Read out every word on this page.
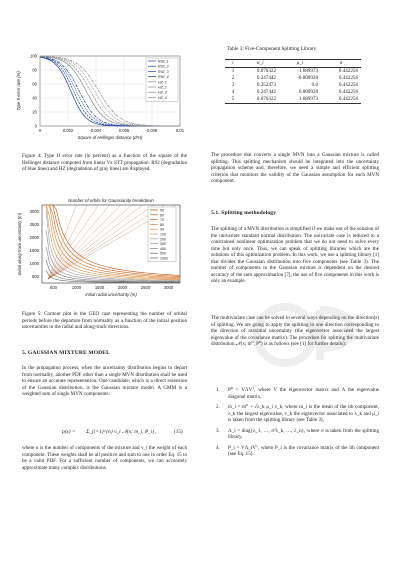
0
20
40
60
80
100
0	0.002	0.004	0.006	0.008	0.01
Square of Hellinger distance (d²H)
Type II error rate (%)
R92_1
R92_2
R92_3
R92_4
HZ_1
HZ_2
HZ_3
HZ_4
Figure 4: Type II error rate (in percent) as a function of the square of the Hellinger distance computed from linear Vs STT propagation. R92 (degradation of blue lines) and HZ (degradation of gray lines) are displayed.
Number of orbits for Gaussianity breakdown
500	1000	1500	2000	2500	3000
500
1000
1500
2000
2500
3000
Initial radial uncertainty (m)
Initial along-track uncertainty (m)
50
60
70
80
90
100
200
300
400
500
1000
Figure 5: Contour plot in the GEO case representing the number of orbital periods before the departure from normality as a function of the initial position uncertainties in the radial and along-track directions.
5. GAUSSIAN MIXTURE MODEL
In the propagation process, when the uncertainty distribution begins to depart from normality, another PDF other than a single MVN distribution shall be used to ensure an accurate representation. One candidate, which is a direct extension of the Gaussian distribution, is the Gaussian mixture model. A GMM is a weighted sum of single MVN components:
p(x) = Σ_{i=1}^{n} ν_i 𝒩(x; m_i, P_i) ,	(15)
where n is the number of components of the mixture and ν_i the weight of each component. These weights shall be all positive and sum to one in order Eq. 15 to be a valid PDF. For a sufficient number of components, we can accurately approximate many complex distributions.
Table 3: Five-Component Splitting Library.
i	w_i	μ_i	σ
1	0.076322	-1.689973	0.442256
2	0.247442	-0.800928	0.442256
3	0.352473	0.0	0.442256
4	0.247442	0.800928	0.442256
5	0.076322	1.689973	0.442256
The procedure that converts a single MVN into a Gaussian mixture is called splitting. This splitting mechanism should be integrated into the uncertainty propagation scheme and, therefore, we need a simple and efficient splitting criterion that monitors the validity of the Gaussian assumption for each MVN component.
5.1. Splitting methodology
The splitting of a MVN distribution is simplified if we make use of the solution of the univariate standard normal distribution. The univariate case is reduced to a constrained nonlinear optimization problem that we do not need to solve every time but only once. Thus, we can speak of splitting libraries which are the solutions of this optimization problem. In this work, we use a splitting library [1] that divides the Gaussian distribution into five components (see Table 3). The number of components in the Gaussian mixture is dependent on the desired accuracy of the sum approximation [7], the use of five components in this work is only an example.
The multivariate case can be solved in several ways depending on the direction(s) of splitting. We are going to apply the splitting in one direction corresponding to the direction of maximal uncertainty (the eigenvector associated the largest eigenvalue of the covariance matrix). The procedure for splitting the multivariate distribution 𝒩(x; m⁰, P⁰) is as follows (see [1] for further details):
1. P⁰ = VΛVᵀ, where V the eigenvector matrix and Λ the eigenvalue diagonal matrix,
2. m_i = m⁰ + √λ_k μ_i v_k, where m_i is the mean of the ith component, λ_k the largest eigenvalue, v_k the eigenvector associated to λ_k and μ_i is taken from the splitting library (see Table 3),
3. Λ_i = diag{λ_1, …, σ²λ_k, …, λ_n}, where σ is taken from the splitting library,
4. P_i = VΛ_iVᵀ, where P_i is the covariance matrix of the ith component (see Eq. 15).
